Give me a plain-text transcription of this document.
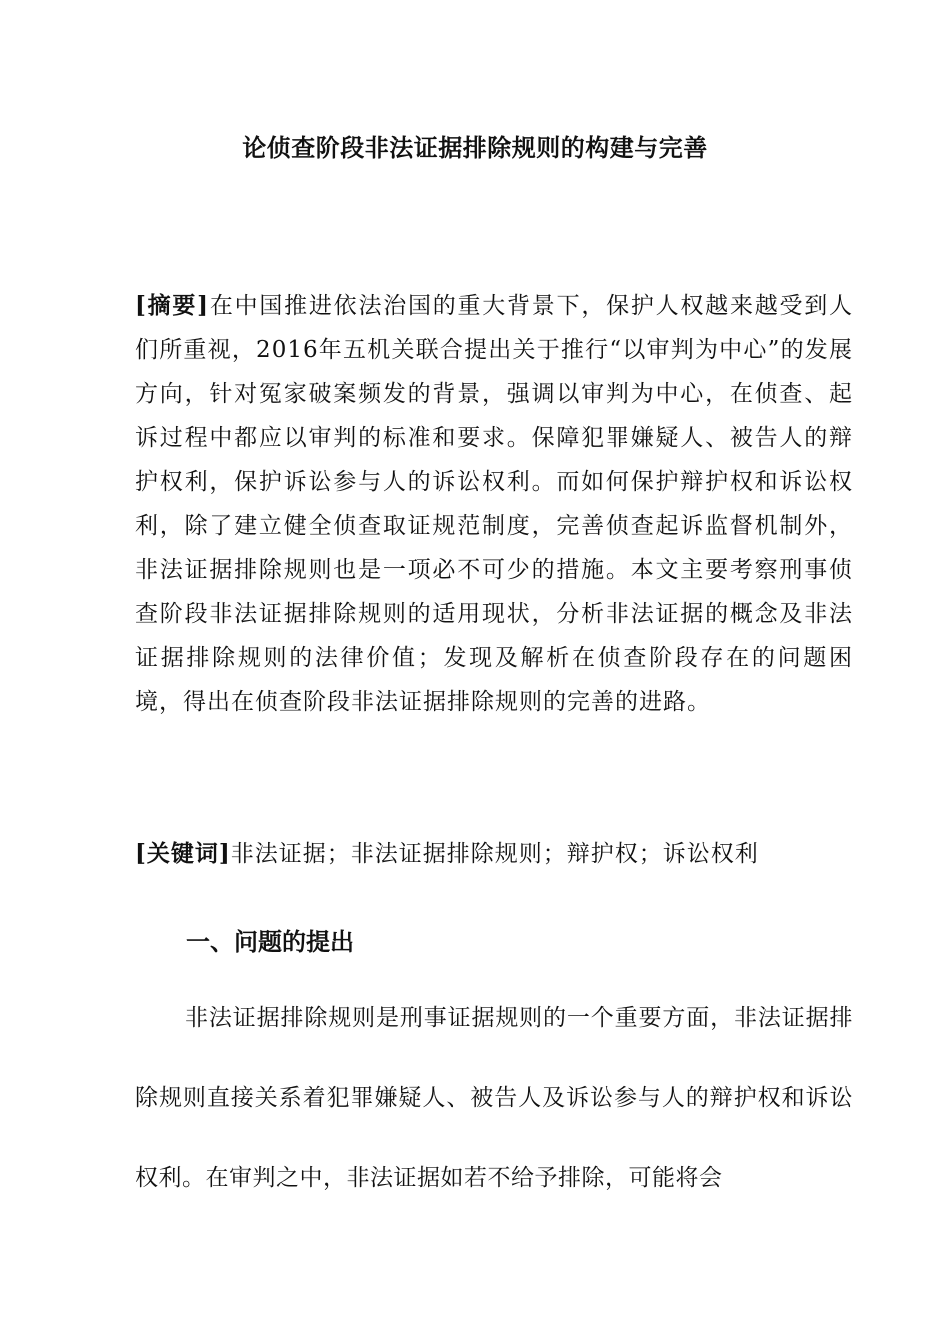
论侦查阶段非法证据排除规则的构建与完善
[摘要]在中国推进依法治国的重大背景下，保护人权越来越受到人们所重视，2016年五机关联合提出关于推行“以审判为中心”的发展方向，针对冤家破案频发的背景，强调以审判为中心，在侦查、起诉过程中都应以审判的标准和要求。保障犯罪嫌疑人、被告人的辩护权利，保护诉讼参与人的诉讼权利。而如何保护辩护权和诉讼权利，除了建立健全侦查取证规范制度，完善侦查起诉监督机制外，非法证据排除规则也是一项必不可少的措施。本文主要考察刑事侦查阶段非法证据排除规则的适用现状，分析非法证据的概念及非法证据排除规则的法律价值；发现及解析在侦查阶段存在的问题困境，得出在侦查阶段非法证据排除规则的完善的进路。
[关键词]非法证据；非法证据排除规则；辩护权；诉讼权利
一、问题的提出
非法证据排除规则是刑事证据规则的一个重要方面，非法证据排除规则直接关系着犯罪嫌疑人、被告人及诉讼参与人的辩护权和诉讼权利。在审判之中，非法证据如若不给予排除，可能将会
